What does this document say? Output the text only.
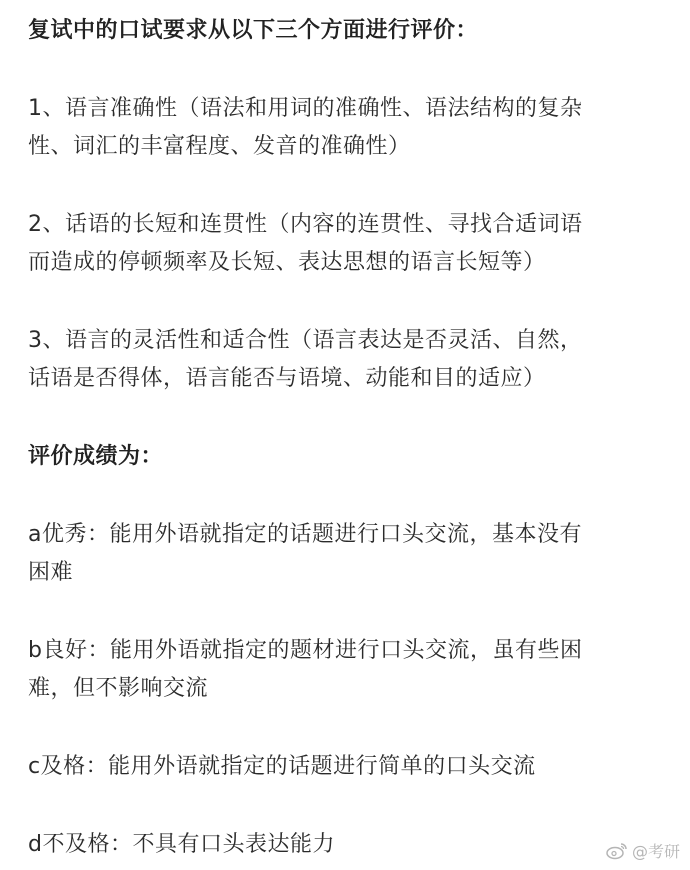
复试中的口试要求从以下三个方面进行评价：
1、语言准确性（语法和用词的准确性、语法结构的复杂
性、词汇的丰富程度、发音的准确性）
2、话语的长短和连贯性（内容的连贯性、寻找合适词语
而造成的停顿频率及长短、表达思想的语言长短等）
3、语言的灵活性和适合性（语言表达是否灵活、自然，
话语是否得体，语言能否与语境、动能和目的适应）
评价成绩为：
a优秀：能用外语就指定的话题进行口头交流，基本没有
困难
b良好：能用外语就指定的题材进行口头交流，虽有些困
难，但不影响交流
c及格：能用外语就指定的话题进行简单的口头交流
d不及格：不具有口头表达能力	@考研
